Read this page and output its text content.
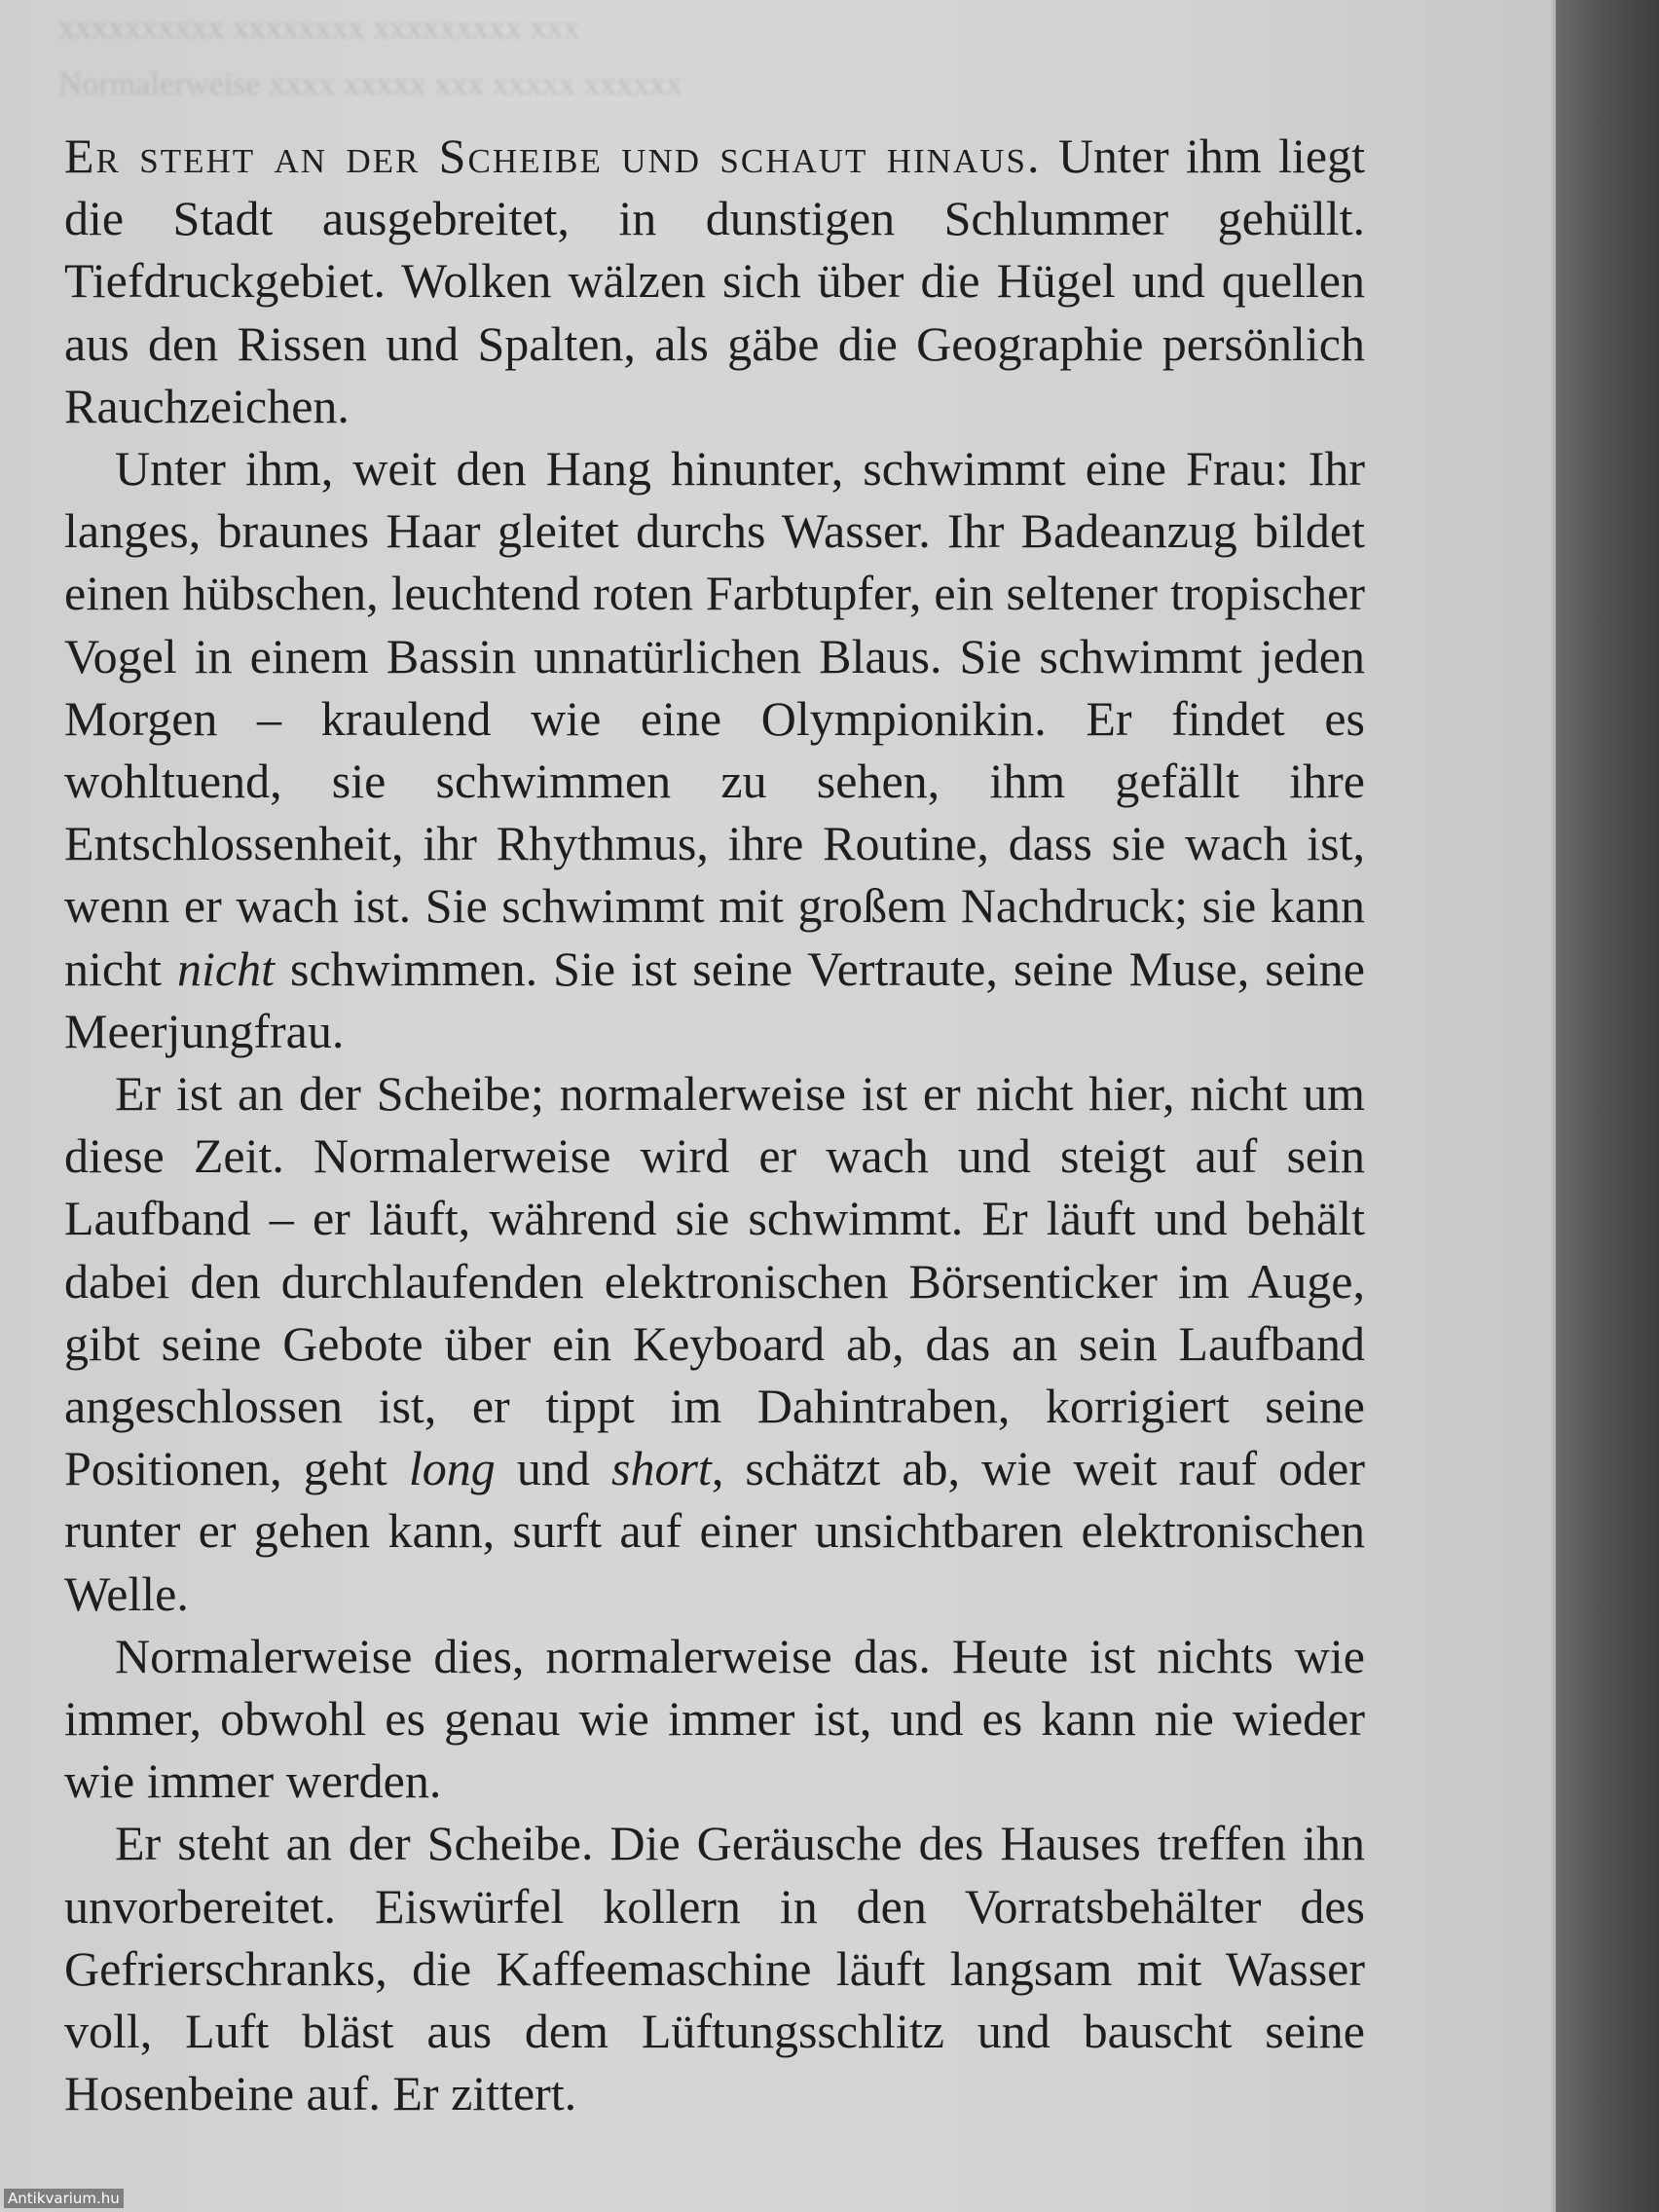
xxxxxxxxxx xxxxxxxx xxxxxxxxx xxx
Normalerweise xxxx xxxxx xxx xxxxx xxxxxx

Er steht an der Scheibe und schaut hinaus. Unter ihm liegt die Stadt ausgebreitet, in dunstigen Schlummer gehüllt. Tiefdruckgebiet. Wolken wälzen sich über die Hügel und quellen aus den Rissen und Spalten, als gäbe die Geographie persönlich Rauchzeichen.

Unter ihm, weit den Hang hinunter, schwimmt eine Frau: Ihr langes, braunes Haar gleitet durchs Wasser. Ihr Badeanzug bildet einen hübschen, leuchtend roten Farbtupfer, ein seltener tropischer Vogel in einem Bassin unnatürlichen Blaus. Sie schwimmt jeden Morgen – kraulend wie eine Olympionikin. Er findet es wohltuend, sie schwimmen zu sehen, ihm gefällt ihre Entschlossenheit, ihr Rhythmus, ihre Routine, dass sie wach ist, wenn er wach ist. Sie schwimmt mit großem Nachdruck; sie kann nicht nicht schwimmen. Sie ist seine Vertraute, seine Muse, seine Meerjungfrau.

Er ist an der Scheibe; normalerweise ist er nicht hier, nicht um diese Zeit. Normalerweise wird er wach und steigt auf sein Laufband – er läuft, während sie schwimmt. Er läuft und behält dabei den durchlaufenden elektronischen Börsenticker im Auge, gibt seine Gebote über ein Keyboard ab, das an sein Laufband angeschlossen ist, er tippt im Dahintraben, korrigiert seine Positionen, geht long und short, schätzt ab, wie weit rauf oder runter er gehen kann, surft auf einer unsichtbaren elektronischen Welle.

Normalerweise dies, normalerweise das. Heute ist nichts wie immer, obwohl es genau wie immer ist, und es kann nie wieder wie immer werden.

Er steht an der Scheibe. Die Geräusche des Hauses treffen ihn unvorbereitet. Eiswürfel kollern in den Vorratsbehälter des Gefrierschranks, die Kaffeemaschine läuft langsam mit Wasser voll, Luft bläst aus dem Lüftungsschlitz und bauscht seine Hosenbeine auf. Er zittert.

Antikvarium.hu
